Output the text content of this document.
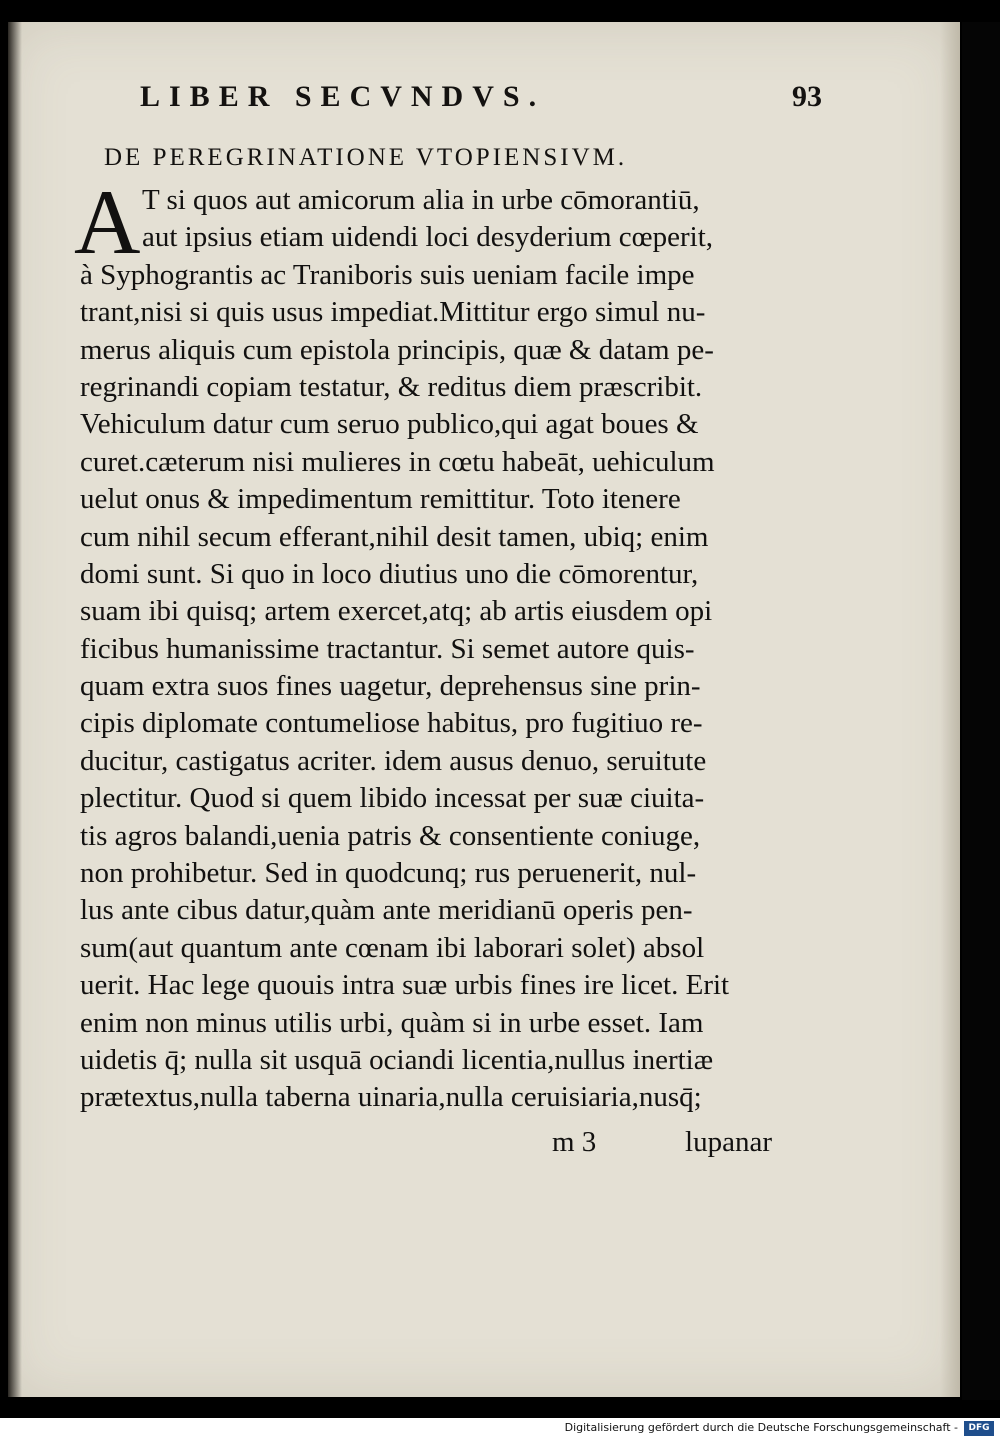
LIBER SECVNDVS.	93
DE PEREGRINATIONE VTOPIENSIVM.
A T si quos aut amicorum alia in urbe cōmorantiū,
aut ipsius etiam uidendi loci desyderium cœperit,
à Syphograntis ac Traniboris suis ueniam facile impe
trant,nisi si quis usus impediat.Mittitur ergo simul nu-
merus aliquis cum epistola principis, quæ & datam pe-
regrinandi copiam testatur, & reditus diem præscribit.
Vehiculum datur cum seruo publico,qui agat boues &
curet.cæterum nisi mulieres in cœtu habeāt, uehiculum
uelut onus & impedimentum remittitur. Toto itenere
cum nihil secum efferant,nihil desit tamen, ubiq; enim
domi sunt. Si quo in loco diutius uno die cōmorentur,
suam ibi quisq; artem exercet,atq; ab artis eiusdem opi
ficibus humanissime tractantur. Si semet autore quis-
quam extra suos fines uagetur, deprehensus sine prin-
cipis diplomate contumeliose habitus, pro fugitiuo re-
ducitur, castigatus acriter. idem ausus denuo, seruitute
plectitur. Quod si quem libido incessat per suæ ciuita-
tis agros balandi,uenia patris & consentiente coniuge,
non prohibetur. Sed in quodcunq; rus peruenerit, nul-
lus ante cibus datur,quàm ante meridianū operis pen-
sum(aut quantum ante cœnam ibi laborari solet) absol
uerit. Hac lege quouis intra suæ urbis fines ire licet. Erit
enim non minus utilis urbi, quàm si in urbe esset. Iam
uidetis q̄; nulla sit usquā ociandi licentia,nullus inertiæ
prætextus,nulla taberna uinaria,nulla ceruisiaria,nusq̄;
m 3	lupanar
Digitalisierung gefördert durch die Deutsche Forschungsgemeinschaft -	DFG
